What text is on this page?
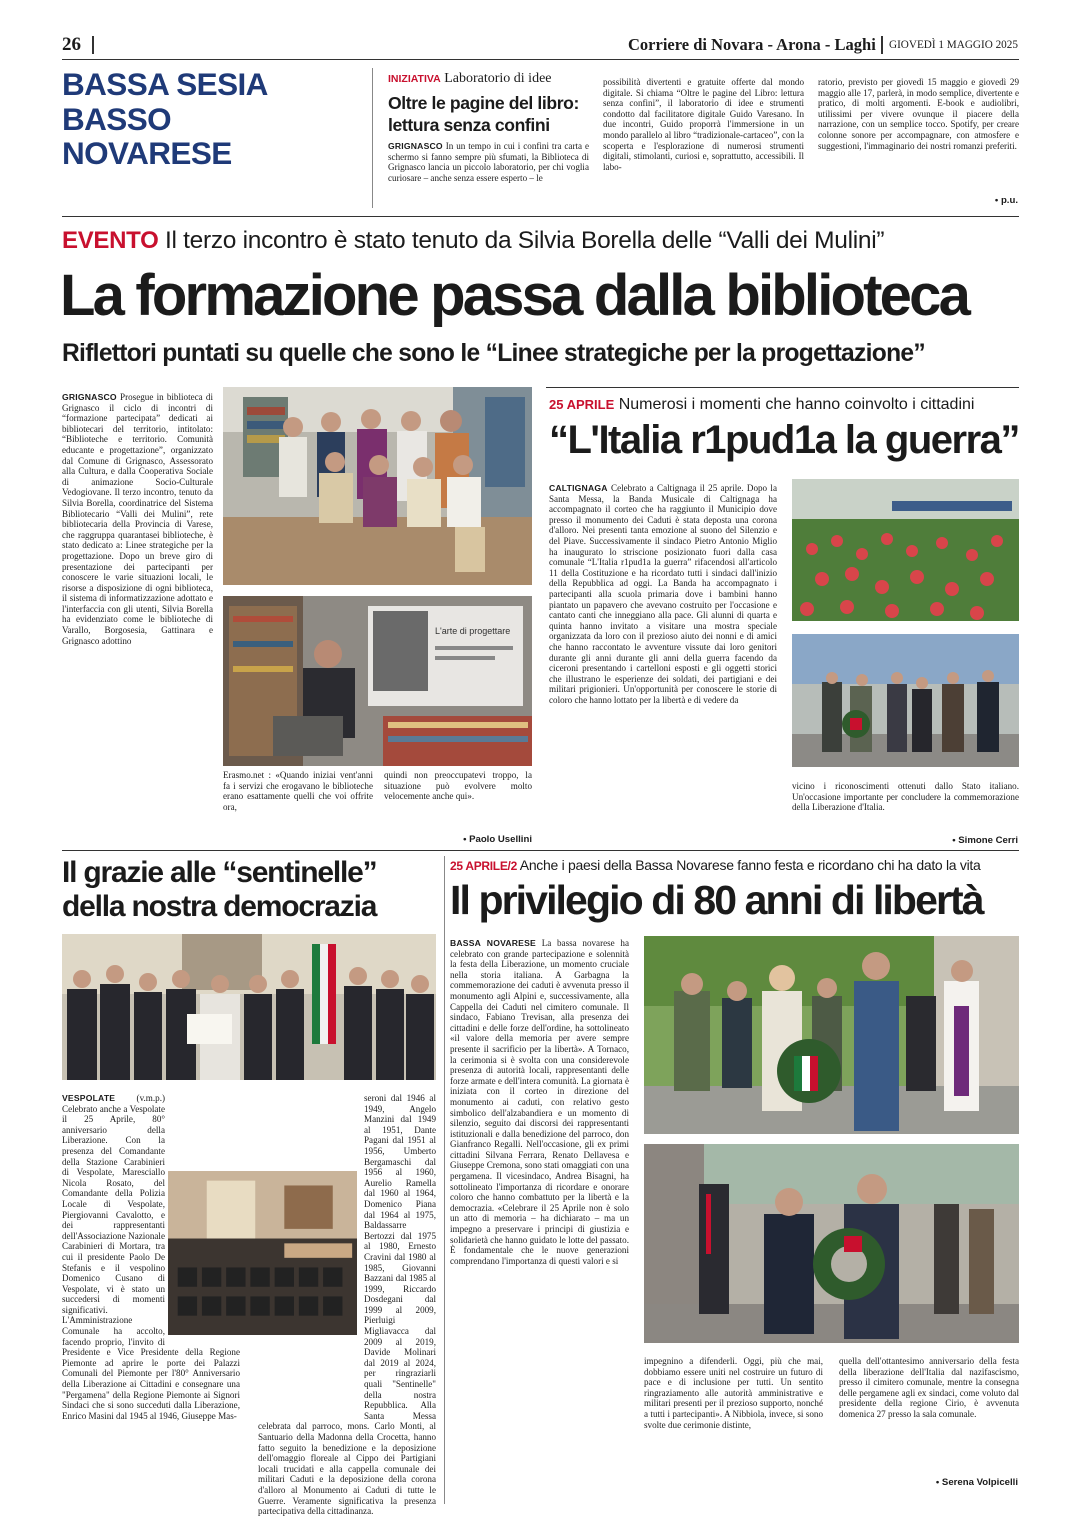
26	Corriere di Novara - Arona - Laghi GIOVEDÌ 1 MAGGIO 2025
BASSA SESIA
BASSO
NOVARESE
INIZIATIVA Laboratorio di idee
Oltre le pagine del libro: lettura senza confini
GRIGNASCO In un tempo in cui i confini tra carta e schermo si fanno sempre più sfumati, la Biblioteca di Grignasco lancia un piccolo laboratorio, per chi voglia curiosare – anche senza essere esperto – le
possibilità divertenti e gratuite offerte dal mondo digitale. Si chiama “Oltre le pagine del Libro: lettura senza confini”, il laboratorio di idee e strumenti condotto dal facilitatore digitale Guido Varesano. In due incontri, Guido proporrà l'immersione in un mondo parallelo al libro “tradizionale-cartaceo”, con la scoperta e l'esplorazione di numerosi strumenti digitali, stimolanti, curiosi e, soprattutto, accessibili. Il labo-
ratorio, previsto per giovedì 15 maggio e giovedì 29 maggio alle 17, parlerà, in modo semplice, divertente e pratico, di molti argomenti. E-book e audiolibri, utilissimi per vivere ovunque il piacere della narrazione, con un semplice tocco. Spotify, per creare colonne sonore per accompagnare, con atmosfere e suggestioni, l'immaginario dei nostri romanzi preferiti.
• p.u.
EVENTO Il terzo incontro è stato tenuto da Silvia Borella delle “Valli dei Mulini”
La formazione passa dalla biblioteca
Riflettori puntati su quelle che sono le “Linee strategiche per la progettazione”
GRIGNASCO Prosegue in biblioteca di Grignasco il ciclo di incontri di “formazione partecipata” dedicati ai bibliotecari del territorio, intitolato: “Biblioteche e territorio. Comunità educante e progettazione”, organizzato dal Comune di Grignasco, Assessorato alla Cultura, e dalla Cooperativa Sociale di animazione Socio-Culturale Vedogiovane. Il terzo incontro, tenuto da Silvia Borella, coordinatrice del Sistema Bibliotecario “Valli dei Mulini”, rete bibliotecaria della Provincia di Varese, che raggruppa quarantasei biblioteche, è stato dedicato a: Linee strategiche per la progettazione. Dopo un breve giro di presentazione dei partecipanti per conoscere le varie situazioni locali, le risorse a disposizione di ogni biblioteca, il sistema di informatizzazione adottato e l'interfaccia con gli utenti, Silvia Borella ha evidenziato come le biblioteche di Varallo, Borgosesia, Gattinara e Grignasco adottino
L'arte di progettare
Erasmo.net : «Quando iniziai vent'anni fa i servizi che erogavano le biblioteche erano esattamente quelli che voi offrite ora,
quindi non preoccupatevi troppo, la situazione può evolvere molto velocemente anche qui».
• Paolo Usellini
25 APRILE Numerosi i momenti che hanno coinvolto i cittadini
“L'Italia r1pud1a la guerra”
CALTIGNAGA Celebrato a Caltignaga il 25 aprile. Dopo la Santa Messa, la Banda Musicale di Caltignaga ha accompagnato il corteo che ha raggiunto il Municipio dove presso il monumento dei Caduti è stata deposta una corona d'alloro. Nei presenti tanta emozione al suono del Silenzio e del Piave. Successivamente il sindaco Pietro Antonio Miglio ha inaugurato lo striscione posizionato fuori dalla casa comunale “L'Italia r1pud1a la guerra” rifacendosi all'articolo 11 della Costituzione e ha ricordato tutti i sindaci dall'inizio della Repubblica ad oggi. La Banda ha accompagnato i partecipanti alla scuola primaria dove i bambini hanno piantato un papavero che avevano costruito per l'occasione e cantato canti che inneggiano alla pace. Gli alunni di quarta e quinta hanno invitato a visitare una mostra speciale organizzata da loro con il prezioso aiuto dei nonni e di amici che hanno raccontato le avventure vissute dai loro genitori durante gli anni durante gli anni della guerra facendo da ciceroni presentando i cartelloni esposti e gli oggetti storici che illustrano le esperienze dei soldati, dei partigiani e dei militari prigionieri. Un'opportunità per conoscere le storie di coloro che hanno lottato per la libertà e di vedere da
vicino i riconoscimenti ottenuti dallo Stato italiano. Un'occasione importante per concludere la commemorazione della Liberazione d'Italia.
• Simone Cerri
Il grazie alle “sentinelle” della nostra democrazia
VESPOLATE (v.m.p.) Celebrato anche a Vespolate il 25 Aprile, 80° anniversario della Liberazione. Con la presenza del Comandante della Stazione Carabinieri di Vespolate, Maresciallo Nicola Rosato, del Comandante della Polizia Locale di Vespolate, Piergiovanni Cavalotto, e dei rappresentanti dell'Associazione Nazionale Carabinieri di Mortara, tra cui il presidente Paolo De Stefanis e il vespolino Domenico Cusano di Vespolate, vi è stato un succedersi di momenti significativi. L'Amministrazione Comunale ha accolto, facendo proprio, l'invito di Presidente e Vice Presidente della Regione Piemonte ad aprire le porte dei Palazzi Comunali del Piemonte per l'80° Anniversario della Liberazione ai Cittadini e consegnare una "Pergamena" della Regione Piemonte ai Signori Sindaci che si sono succeduti dalla Liberazione, Enrico Masini dal 1945 al 1946, Giuseppe Mas-
seroni dal 1946 al 1949, Angelo Manzini dal 1949 al 1951, Dante Pagani dal 1951 al 1956, Umberto Bergamaschi dal 1956 al 1960, Aurelio Ramella dal 1960 al 1964, Domenico Piana dal 1964 al 1975, Baldassarre Bertozzi dal 1975 al 1980, Ernesto Cravini dal 1980 al 1985, Giovanni Bazzani dal 1985 al 1999, Riccardo Dosdegani dal 1999 al 2009, Pierluigi Migliavacca dal 2009 al 2019, Davide Molinari dal 2019 al 2024, per ringraziarli quali "Sentinelle" della nostra Repubblica. Alla Santa Messa celebrata dal parroco, mons. Carlo Monti, al Santuario della Madonna della Crocetta, hanno fatto seguito la benedizione e la deposizione dell'omaggio floreale al Cippo dei Partigiani locali trucidati e alla cappella comunale dei militari Caduti e la deposizione della corona d'alloro al Monumento ai Caduti di tutte le Guerre. Veramente significativa la presenza partecipativa della cittadinanza.
25 APRILE/2 Anche i paesi della Bassa Novarese fanno festa e ricordano chi ha dato la vita
Il privilegio di 80 anni di libertà
BASSA NOVARESE La bassa novarese ha celebrato con grande partecipazione e solennità la festa della Liberazione, un momento cruciale nella storia italiana. A Garbagna la commemorazione dei caduti è avvenuta presso il monumento agli Alpini e, successivamente, alla Cappella dei Caduti nel cimitero comunale. Il sindaco, Fabiano Trevisan, alla presenza dei cittadini e delle forze dell'ordine, ha sottolineato «il valore della memoria per avere sempre presente il sacrificio per la libertà». A Tornaco, la cerimonia si è svolta con una considerevole presenza di autorità locali, rappresentanti delle forze armate e dell'intera comunità. La giornata è iniziata con il corteo in direzione del monumento ai caduti, con relativo gesto simbolico dell'alzabandiera e un momento di silenzio, seguito dai discorsi dei rappresentanti istituzionali e dalla benedizione del parroco, don Gianfranco Regalli. Nell'occasione, gli ex primi cittadini Silvana Ferrara, Renato Dellavesa e Giuseppe Cremona, sono stati omaggiati con una pergamena. Il vicesindaco, Andrea Bisagni, ha sottolineato l'importanza di ricordare e onorare coloro che hanno combattuto per la libertà e la democrazia. «Celebrare il 25 Aprile non è solo un atto di memoria – ha dichiarato – ma un impegno a preservare i principi di giustizia e solidarietà che hanno guidato le lotte del passato. È fondamentale che le nuove generazioni comprendano l'importanza di questi valori e si
impegnino a difenderli. Oggi, più che mai, dobbiamo essere uniti nel costruire un futuro di pace e di inclusione per tutti. Un sentito ringraziamento alle autorità amministrative e militari presenti per il prezioso supporto, nonché a tutti i partecipanti». A Nibbiola, invece, si sono svolte due cerimonie distinte,
quella dell'ottantesimo anniversario della festa della liberazione dell'Italia dal nazifascismo, presso il cimitero comunale, mentre la consegna delle pergamene agli ex sindaci, come voluto dal presidente della regione Cirio, è avvenuta domenica 27 presso la sala comunale.
• Serena Volpicelli
